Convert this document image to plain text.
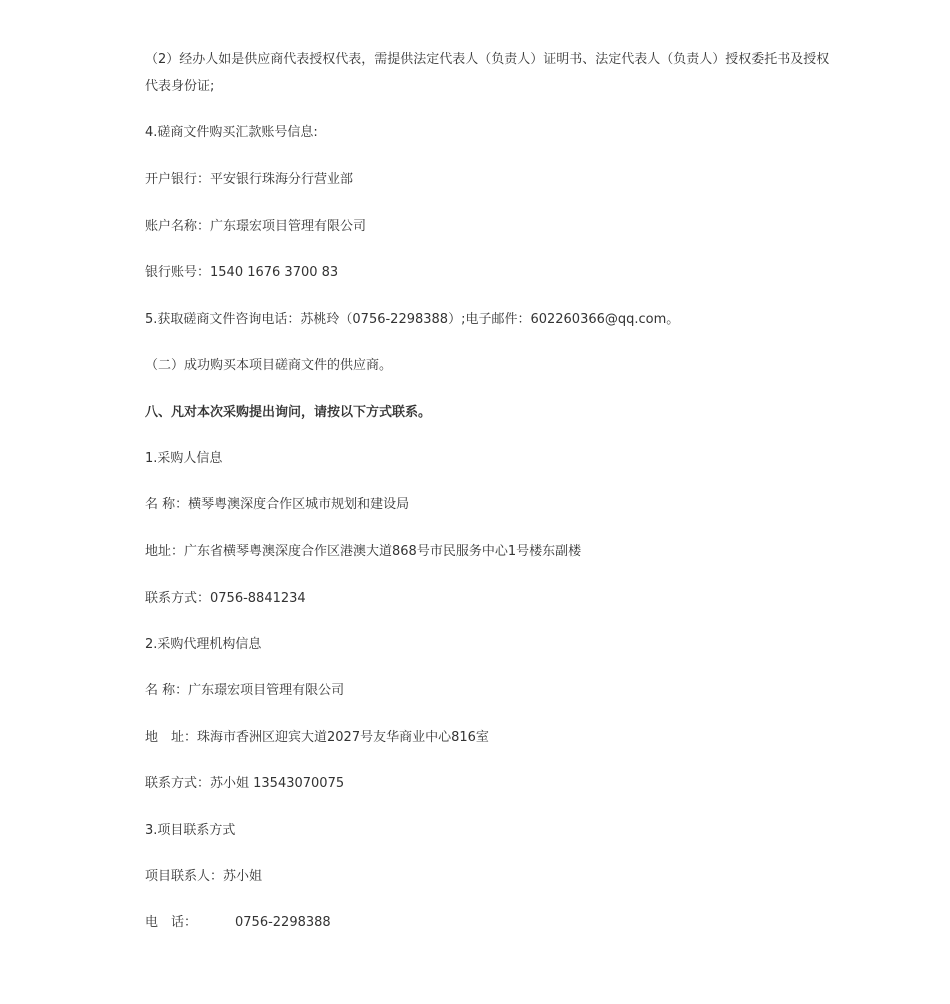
（2）经办人如是供应商代表授权代表，需提供法定代表人（负责人）证明书、法定代表人（负责人）授权委托书及授权代表身份证;
4.磋商文件购买汇款账号信息:
开户银行：平安银行珠海分行营业部
账户名称：广东璟宏项目管理有限公司
银行账号：1540 1676 3700 83
5.获取磋商文件咨询电话：苏桃玲（0756-2298388）;电子邮件：602260366@qq.com。
（二）成功购买本项目磋商文件的供应商。
八、凡对本次采购提出询问，请按以下方式联系。
1.采购人信息
名 称：横琴粤澳深度合作区城市规划和建设局
地址：广东省横琴粤澳深度合作区港澳大道868号市民服务中心1号楼东副楼
联系方式：0756-8841234
2.采购代理机构信息
名 称：广东璟宏项目管理有限公司
地　址：珠海市香洲区迎宾大道2027号友华商业中心816室
联系方式：苏小姐 13543070075
3.项目联系方式
项目联系人：苏小姐
电　话：	0756-2298388
